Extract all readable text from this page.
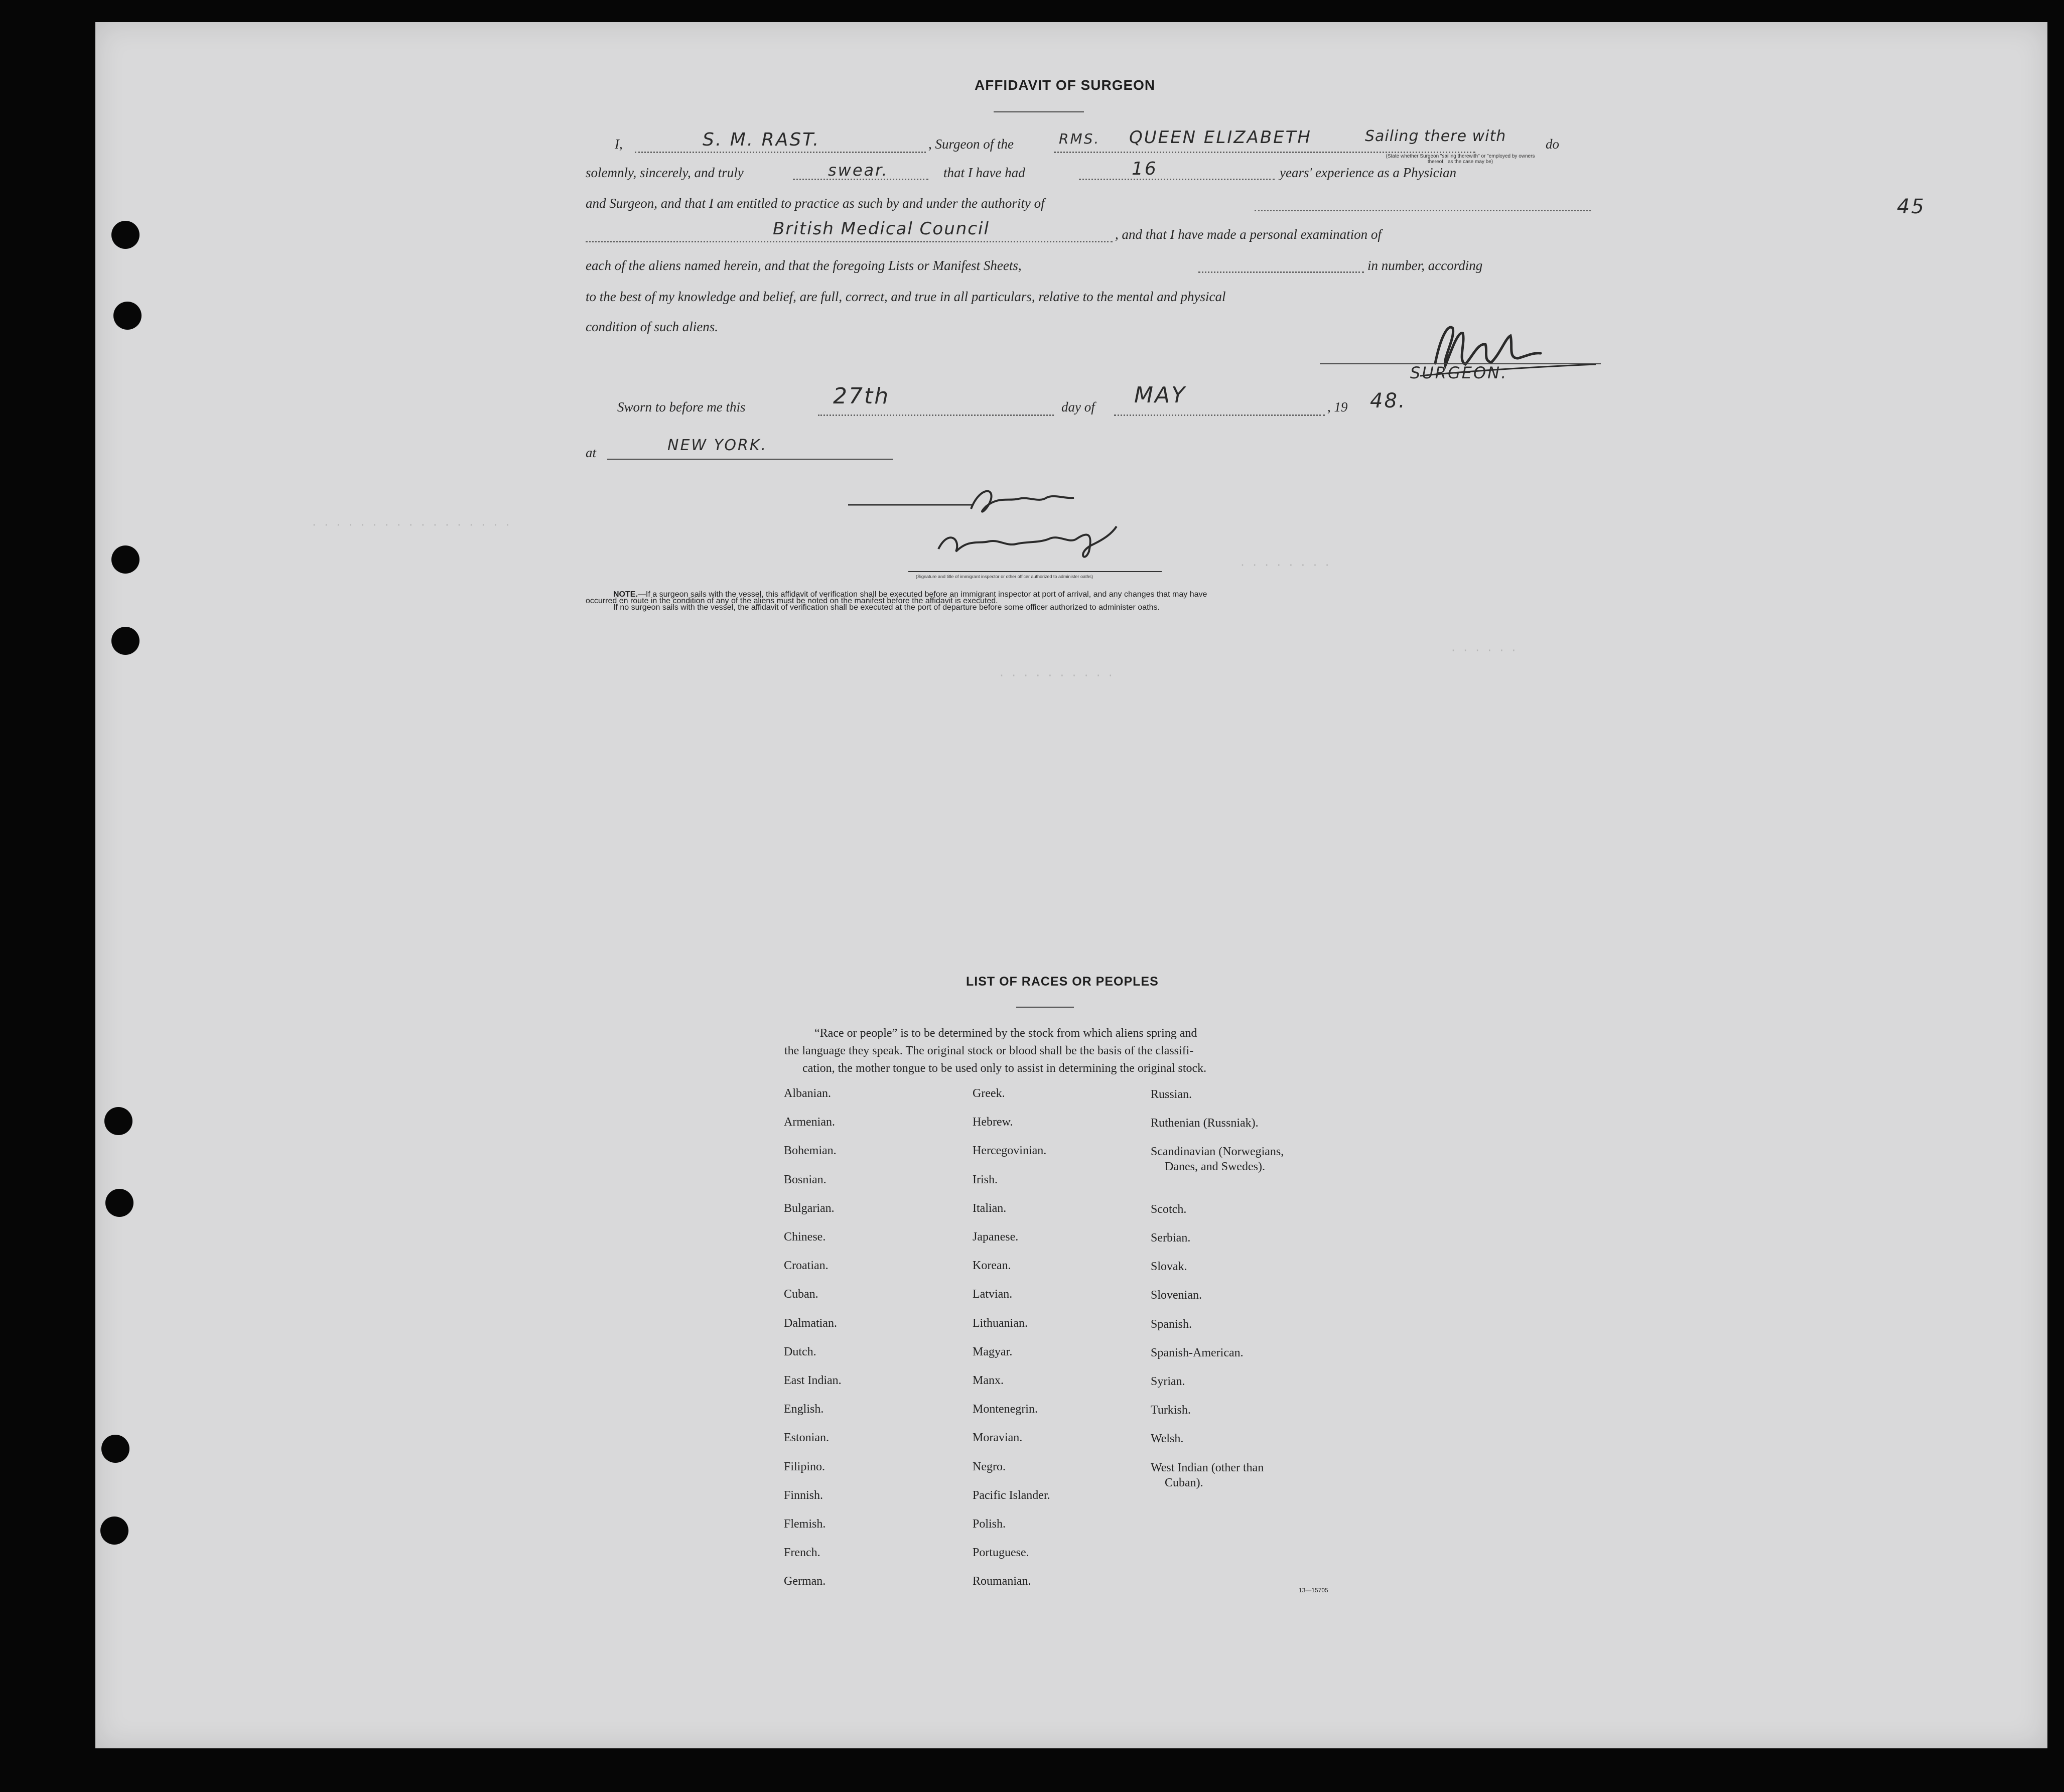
45
· · · · · · · · · · · · · · · · ·
· · · · · · · ·
· · · · · ·
· · · · · · · · · ·
AFFIDAVIT OF SURGEON
I,	S. M. RAST.	, Surgeon of the	RMS. QUEEN ELIZABETH	Sailing there with	do
(State whether Surgeon "sailing therewith" or "employed by owners thereof," as the case may be)
solemnly, sincerely, and truly	swear.	that I have had	16	years' experience as a Physician
and Surgeon, and that I am entitled to practice as such by and under the authority of
British Medical Council	, and that I have made a personal examination of
each of the aliens named herein, and that the foregoing Lists or Manifest Sheets,	in number, according
to the best of my knowledge and belief, are full, correct, and true in all particulars, relative to the mental and physical
condition of such aliens.
SURGEON.
Sworn to before me this	27th	day of MAY	, 19 48.
at	NEW YORK.
(Signature and title of immigrant inspector or other officer authorized to administer oaths)
NOTE.—If a surgeon sails with the vessel, this affidavit of verification shall be executed before an immigrant inspector at port of arrival, and any changes that may have
occurred en route in the condition of any of the aliens must be noted on the manifest before the affidavit is executed.
If no surgeon sails with the vessel, the affidavit of verification shall be executed at the port of departure before some officer authorized to administer oaths.
LIST OF RACES OR PEOPLES
“Race or people” is to be determined by the stock from which aliens spring and
the language they speak. The original stock or blood shall be the basis of the classifi-
cation, the mother tongue to be used only to assist in determining the original stock.
Albanian.
Armenian.
Bohemian.
Bosnian.
Bulgarian.
Chinese.
Croatian.
Cuban.
Dalmatian.
Dutch.
East Indian.
English.
Estonian.
Filipino.
Finnish.
Flemish.
French.
German.
Greek.
Hebrew.
Hercegovinian.
Irish.
Italian.
Japanese.
Korean.
Latvian.
Lithuanian.
Magyar.
Manx.
Montenegrin.
Moravian.
Negro.
Pacific Islander.
Polish.
Portuguese.
Roumanian.
Russian.
Ruthenian (Russniak).
Scandinavian (Norwegians,
Danes, and Swedes).
Scotch.
Serbian.
Slovak.
Slovenian.
Spanish.
Spanish-American.
Syrian.
Turkish.
Welsh.
West Indian (other than
Cuban).
13—15705
